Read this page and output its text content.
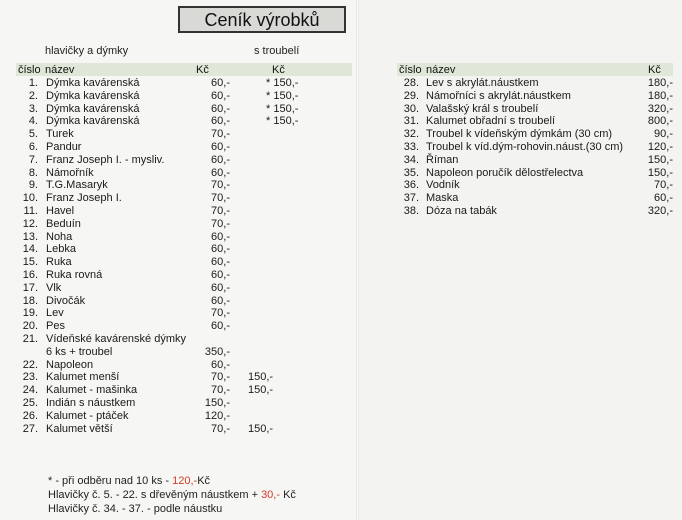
Ceník výrobků
hlavičky a dýmky	s troubelí
číslo název	Kč	Kč	číslo název	Kč
1. Dýmka kavárenská	60,-	* 150,-
2. Dýmka kavárenská	60,-	* 150,-
3. Dýmka kavárenská	60,-	* 150,-
4. Dýmka kavárenská	60,-	* 150,-
5. Turek	70,-
6. Pandur	60,-
7. Franz Joseph I. - mysliv.	60,-
8. Námořník	60,-
9. T.G.Masaryk	70,-
10. Franz Joseph I.	70,-
11. Havel	70,-
12. Beduín	70,-
13. Noha	60,-
14. Lebka	60,-
15. Ruka	60,-
16. Ruka rovná	60,-
17. Vlk	60,-
18. Divočák	60,-
19. Lev	70,-
20. Pes	60,-
21. Vídeňské kavárenské dýmky
6 ks + troubel	350,-
22. Napoleon	60,-
23. Kalumet menší	70,- 150,-
24. Kalumet - mašinka	70,- 150,-
25. Indián s náustkem	150,-
26. Kalumet - ptáček	120,-
27. Kalumet větší	70,- 150,-
28. Lev s akrylát.náustkem	180,-
29. Námořníci s akrylát.náustkem	180,-
30. Valašský král s troubelí	320,-
31. Kalumet obřadní s troubelí	800,-
32. Troubel k vídeňským dýmkám (30 cm)	90,-
33. Troubel k víd.dým-rohovin.náust.(30 cm)	120,-
34. Říman	150,-
35. Napoleon poručík dělostřelectva	150,-
36. Vodník	70,-
37. Maska	60,-
38. Dóza na tabák	320,-
* - při odběru nad 10 ks - 120,-Kč
Hlavičky č. 5. - 22. s dřevěným náustkem + 30,- Kč
Hlavičky č. 34. - 37. - podle náustku
